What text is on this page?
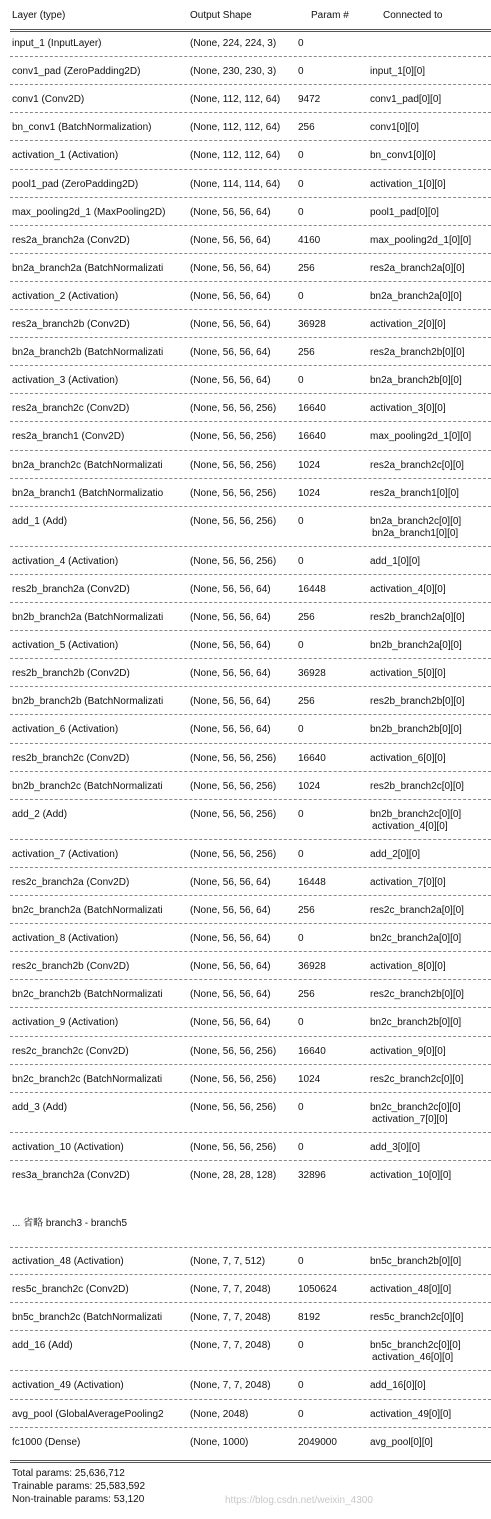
Layer (type)	Output Shape	Param #	Connected to
input_1 (InputLayer)	(None, 224, 224, 3) 0
conv1_pad (ZeroPadding2D)	(None, 230, 230, 3) 0	input_1[0][0]
conv1 (Conv2D)	(None, 112, 112, 64) 9472	conv1_pad[0][0]
bn_conv1 (BatchNormalization)	(None, 112, 112, 64) 256	conv1[0][0]
activation_1 (Activation)	(None, 112, 112, 64) 0	bn_conv1[0][0]
pool1_pad (ZeroPadding2D)	(None, 114, 114, 64) 0	activation_1[0][0]
max_pooling2d_1 (MaxPooling2D) (None, 56, 56, 64)	0	pool1_pad[0][0]
res2a_branch2a (Conv2D)	(None, 56, 56, 64)	4160	max_pooling2d_1[0][0]
bn2a_branch2a (BatchNormalizati	(None, 56, 56, 64)	256	res2a_branch2a[0][0]
activation_2 (Activation)	(None, 56, 56, 64)	0	bn2a_branch2a[0][0]
res2a_branch2b (Conv2D)	(None, 56, 56, 64)	36928	activation_2[0][0]
bn2a_branch2b (BatchNormalizati	(None, 56, 56, 64)	256	res2a_branch2b[0][0]
activation_3 (Activation)	(None, 56, 56, 64)	0	bn2a_branch2b[0][0]
res2a_branch2c (Conv2D)	(None, 56, 56, 256) 16640	activation_3[0][0]
res2a_branch1 (Conv2D)	(None, 56, 56, 256) 16640	max_pooling2d_1[0][0]
bn2a_branch2c (BatchNormalizati	(None, 56, 56, 256) 1024	res2a_branch2c[0][0]
bn2a_branch1 (BatchNormalizatio	(None, 56, 56, 256) 1024	res2a_branch1[0][0]
add_1 (Add)	(None, 56, 56, 256) 0	bn2a_branch2c[0][0]
bn2a_branch1[0][0]
activation_4 (Activation)	(None, 56, 56, 256) 0	add_1[0][0]
res2b_branch2a (Conv2D)	(None, 56, 56, 64)	16448	activation_4[0][0]
bn2b_branch2a (BatchNormalizati	(None, 56, 56, 64)	256	res2b_branch2a[0][0]
activation_5 (Activation)	(None, 56, 56, 64)	0	bn2b_branch2a[0][0]
res2b_branch2b (Conv2D)	(None, 56, 56, 64)	36928	activation_5[0][0]
bn2b_branch2b (BatchNormalizati	(None, 56, 56, 64)	256	res2b_branch2b[0][0]
activation_6 (Activation)	(None, 56, 56, 64)	0	bn2b_branch2b[0][0]
res2b_branch2c (Conv2D)	(None, 56, 56, 256) 16640	activation_6[0][0]
bn2b_branch2c (BatchNormalizati	(None, 56, 56, 256) 1024	res2b_branch2c[0][0]
add_2 (Add)	(None, 56, 56, 256) 0	bn2b_branch2c[0][0]
activation_4[0][0]
activation_7 (Activation)	(None, 56, 56, 256) 0	add_2[0][0]
res2c_branch2a (Conv2D)	(None, 56, 56, 64)	16448	activation_7[0][0]
bn2c_branch2a (BatchNormalizati	(None, 56, 56, 64)	256	res2c_branch2a[0][0]
activation_8 (Activation)	(None, 56, 56, 64)	0	bn2c_branch2a[0][0]
res2c_branch2b (Conv2D)	(None, 56, 56, 64)	36928	activation_8[0][0]
bn2c_branch2b (BatchNormalizati	(None, 56, 56, 64)	256	res2c_branch2b[0][0]
activation_9 (Activation)	(None, 56, 56, 64)	0	bn2c_branch2b[0][0]
res2c_branch2c (Conv2D)	(None, 56, 56, 256) 16640	activation_9[0][0]
bn2c_branch2c (BatchNormalizati	(None, 56, 56, 256) 1024	res2c_branch2c[0][0]
add_3 (Add)	(None, 56, 56, 256) 0	bn2c_branch2c[0][0]
activation_7[0][0]
activation_10 (Activation)	(None, 56, 56, 256) 0	add_3[0][0]
res3a_branch2a (Conv2D)	(None, 28, 28, 128) 32896	activation_10[0][0]
... 省略 branch3 - branch5
activation_48 (Activation)	(None, 7, 7, 512)	0	bn5c_branch2b[0][0]
res5c_branch2c (Conv2D)	(None, 7, 7, 2048)	1050624	activation_48[0][0]
bn5c_branch2c (BatchNormalizati	(None, 7, 7, 2048)	8192	res5c_branch2c[0][0]
add_16 (Add)	(None, 7, 7, 2048)	0	bn5c_branch2c[0][0]
activation_46[0][0]
activation_49 (Activation)	(None, 7, 7, 2048)	0	add_16[0][0]
avg_pool (GlobalAveragePooling2	(None, 2048)	0	activation_49[0][0]
fc1000 (Dense)	(None, 1000)	2049000	avg_pool[0][0]
Total params: 25,636,712
Trainable params: 25,583,592
Non-trainable params: 53,120	https://blog.csdn.net/weixin_4300
